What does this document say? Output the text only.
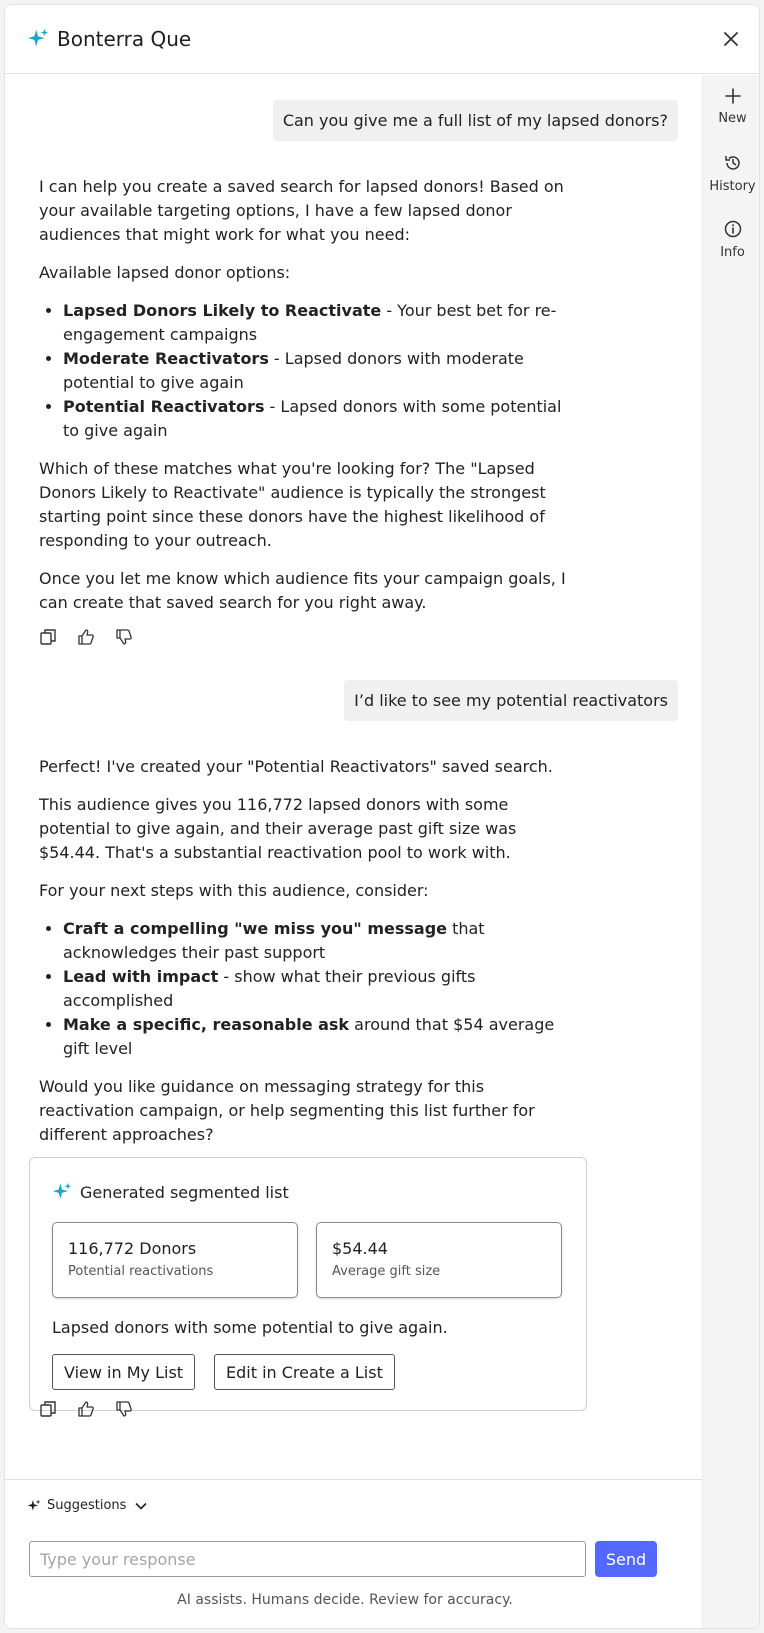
Bonterra Que
New
History
Info
Can you give me a full list of my lapsed donors?

I can help you create a saved search for lapsed donors! Based on your available targeting options, I have a few lapsed donor audiences that might work for what you need:

Available lapsed donor options:

• Lapsed Donors Likely to Reactivate - Your best bet for re-engagement campaigns
• Moderate Reactivators - Lapsed donors with moderate potential to give again
• Potential Reactivators - Lapsed donors with some potential to give again

Which of these matches what you're looking for? The "Lapsed Donors Likely to Reactivate" audience is typically the strongest starting point since these donors have the highest likelihood of responding to your outreach.

Once you let me know which audience fits your campaign goals, I can create that saved search for you right away.

I’d like to see my potential reactivators

Perfect! I've created your "Potential Reactivators" saved search.

This audience gives you 116,772 lapsed donors with some potential to give again, and their average past gift size was $54.44. That's a substantial reactivation pool to work with.

For your next steps with this audience, consider:

• Craft a compelling "we miss you" message that acknowledges their past support
• Lead with impact - show what their previous gifts accomplished
• Make a specific, reasonable ask around that $54 average gift level

Would you like guidance on messaging strategy for this reactivation campaign, or help segmenting this list further for different approaches?

Generated segmented list
116,772 Donors
Potential reactivations
$54.44
Average gift size
Lapsed donors with some potential to give again.
View in My List	Edit in Create a List
Suggestions
Type your response
Send
AI assists. Humans decide. Review for accuracy.
